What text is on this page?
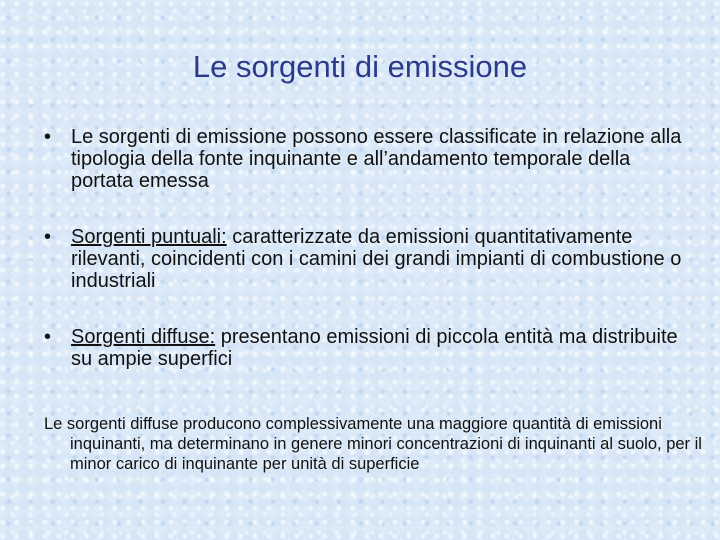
Le sorgenti di emissione
• Le sorgenti di emissione possono essere classificate in relazione alla tipologia della fonte inquinante e all’andamento temporale della portata emessa
• Sorgenti puntuali: caratterizzate da emissioni quantitativamente rilevanti, coincidenti con i camini dei grandi impianti di combustione o industriali
• Sorgenti diffuse: presentano emissioni di piccola entità ma distribuite su ampie superfici
Le sorgenti diffuse producono complessivamente una maggiore quantità di emissioni inquinanti, ma determinano in genere minori concentrazioni di inquinanti al suolo, per il minor carico di inquinante per unità di superficie
